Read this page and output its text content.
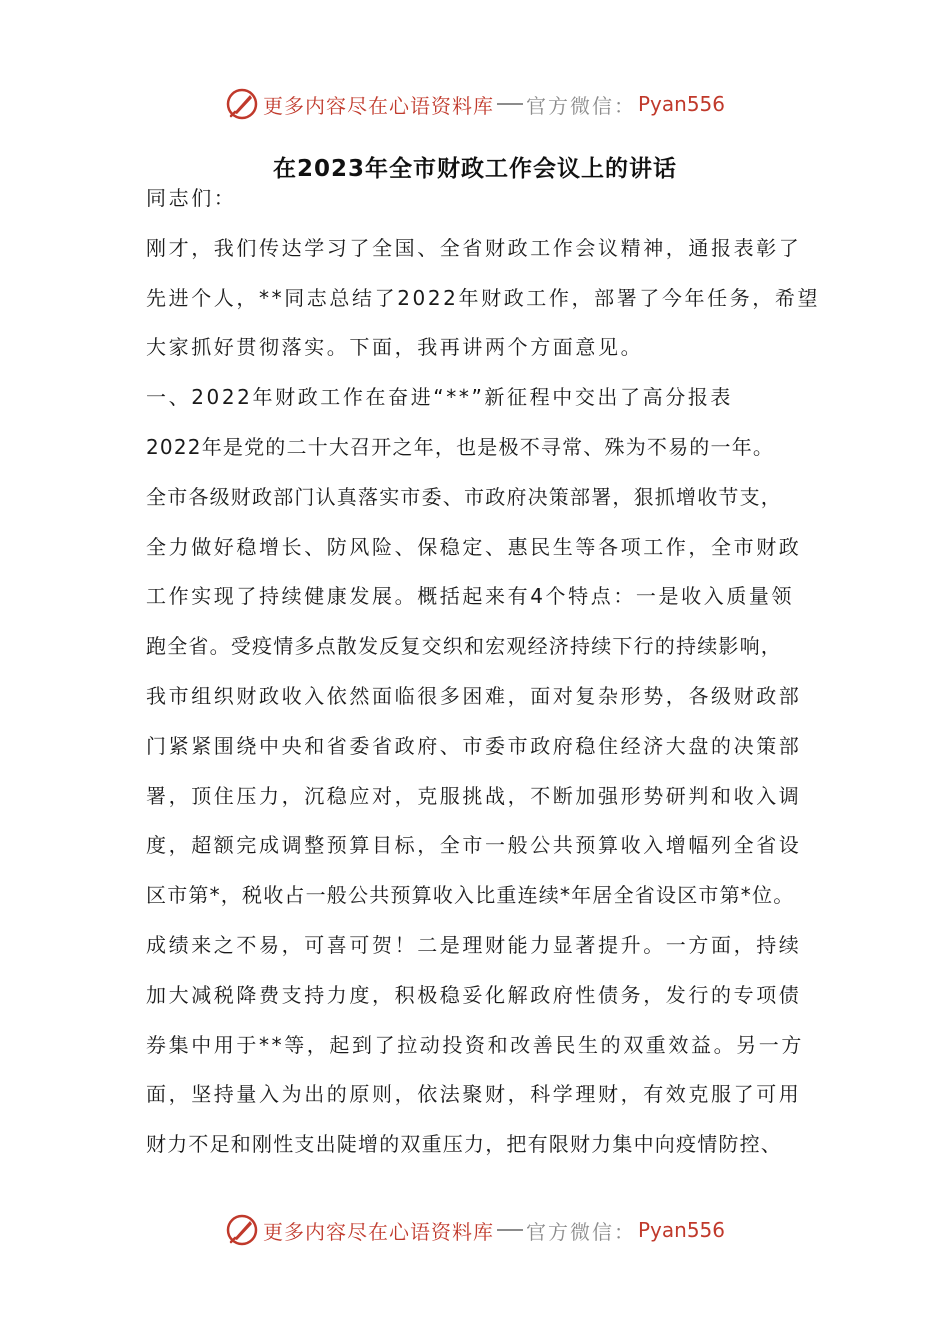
更多内容尽在心语资料库 官方微信： Pyan556
在2023年全市财政工作会议上的讲话
同志们：
刚才，我们传达学习了全国、全省财政工作会议精神，通报表彰了
先进个人，**同志总结了2022年财政工作，部署了今年任务，希望
大家抓好贯彻落实。下面，我再讲两个方面意见。
一、2022年财政工作在奋进“**”新征程中交出了高分报表
2022年是党的二十大召开之年，也是极不寻常、殊为不易的一年。
全市各级财政部门认真落实市委、市政府决策部署，狠抓增收节支，
全力做好稳增长、防风险、保稳定、惠民生等各项工作，全市财政
工作实现了持续健康发展。概括起来有4个特点：一是收入质量领
跑全省。受疫情多点散发反复交织和宏观经济持续下行的持续影响，
我市组织财政收入依然面临很多困难，面对复杂形势，各级财政部
门紧紧围绕中央和省委省政府、市委市政府稳住经济大盘的决策部
署，顶住压力，沉稳应对，克服挑战，不断加强形势研判和收入调
度，超额完成调整预算目标，全市一般公共预算收入增幅列全省设
区市第*，税收占一般公共预算收入比重连续*年居全省设区市第*位。
成绩来之不易，可喜可贺！二是理财能力显著提升。一方面，持续
加大减税降费支持力度，积极稳妥化解政府性债务，发行的专项债
券集中用于**等，起到了拉动投资和改善民生的双重效益。另一方
面，坚持量入为出的原则，依法聚财，科学理财，有效克服了可用
财力不足和刚性支出陡增的双重压力，把有限财力集中向疫情防控、
更多内容尽在心语资料库 官方微信： Pyan556
